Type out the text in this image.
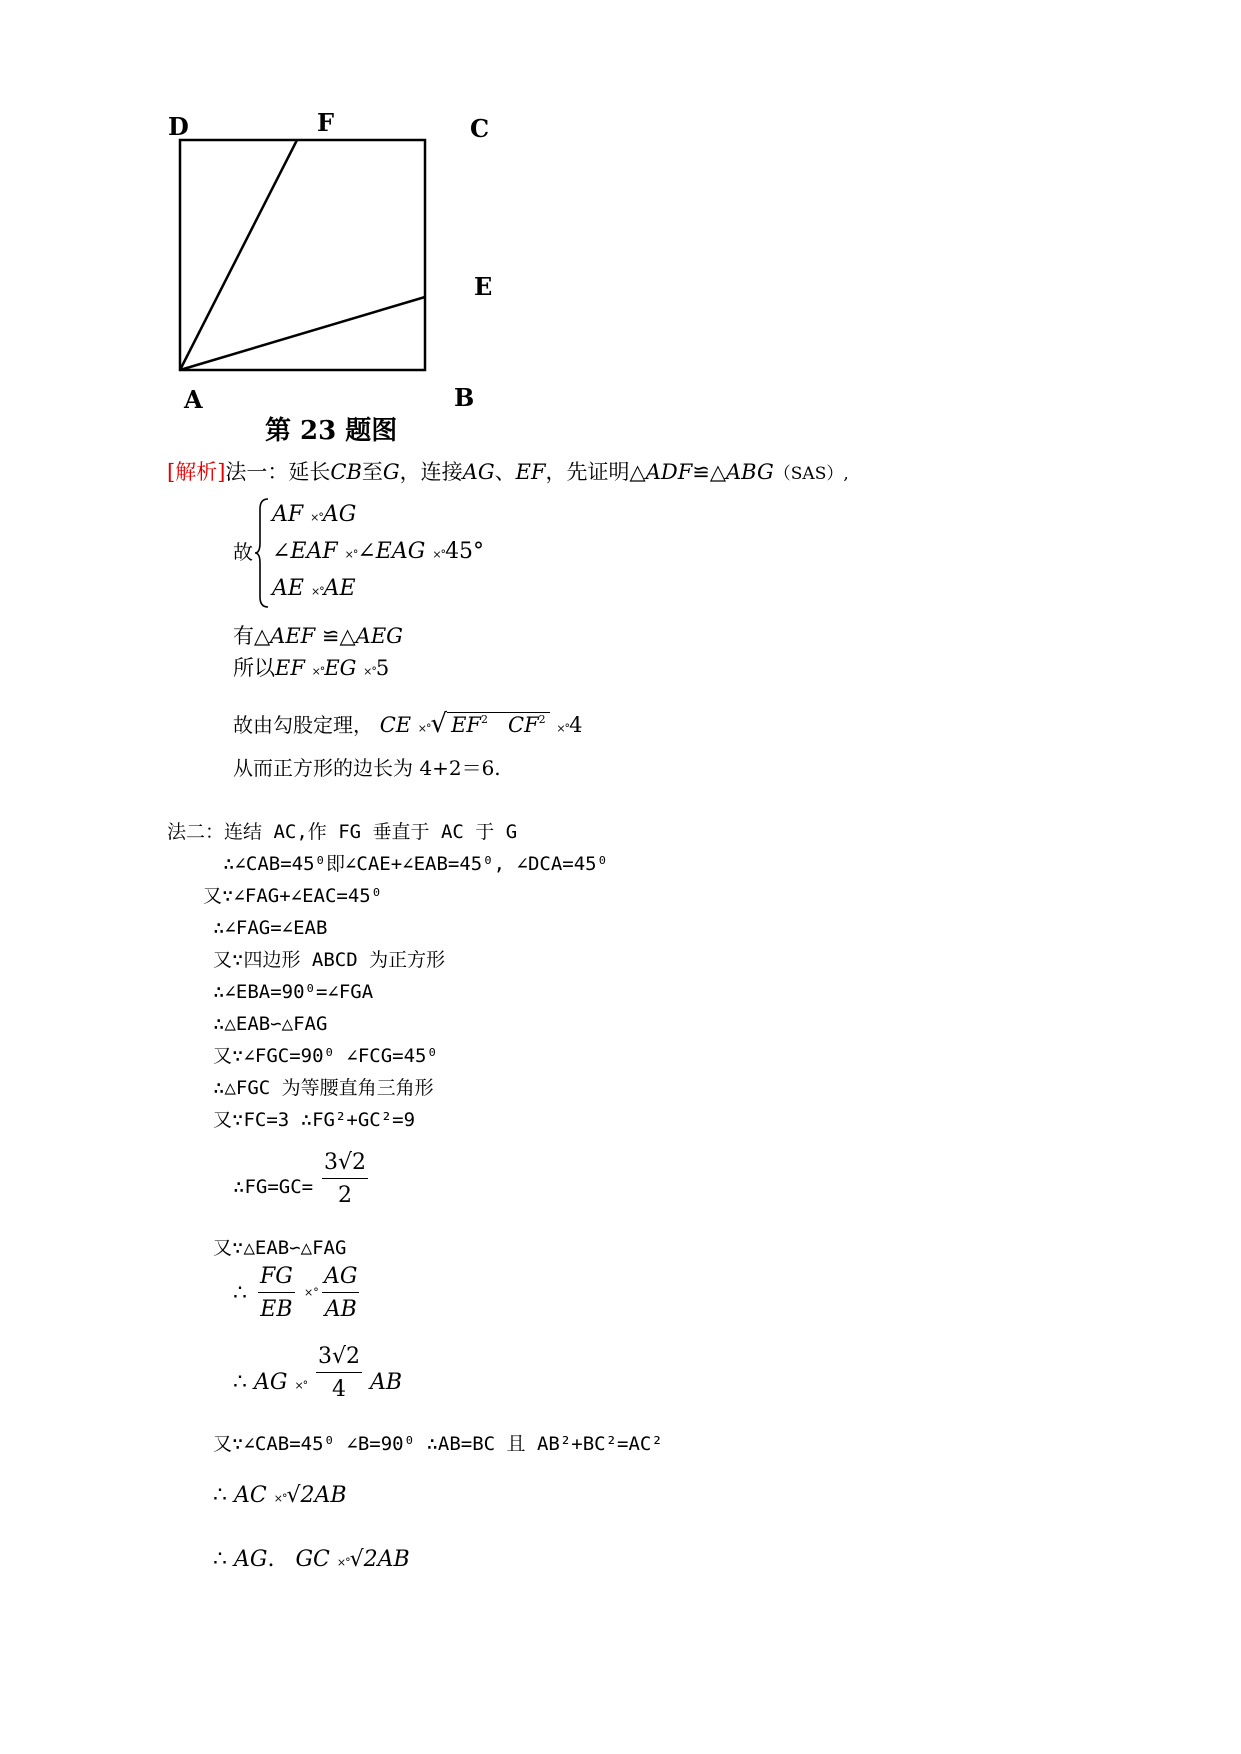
D	F	C
E
A	B
第 23 题图
[解析]法一：延长CB至G，连接AG、EF，先证明△ADF≌△ABG（SAS）,
故
AF ×°AG
∠EAF ×°∠EAG ×°45°
AE ×°AE
有△AEF ≌△AEG
所以EF ×°EG ×°5
故由勾股定理， CE ×°√ $EF^2$ $CF^2 \times^\circ 4$
从而正方形的边长为 4+2＝6.
法二：连结 AC,作 FG 垂直于 AC 于 G
∴∠CAB=45⁰即∠CAE+∠EAB=45⁰, ∠DCA=45⁰
又∵∠FAG+∠EAC=45⁰
∴∠FAG=∠EAB
又∵四边形 ABCD 为正方形
∴∠EBA=90⁰=∠FGA
∴△EAB∽△FAG
又∵∠FGC=90⁰ ∠FCG=45⁰
∴△FGC 为等腰直角三角形
又∵FC=3 ∴FG²+GC²=9
∴FG=GC= $\frac{3√2}{2}$
又∵△EAB∽△FAG
∴ $\frac{FG}{EB}$ ×° $\frac{AG}{AB}$
∴ AG ×° $\frac{3√2}{4}$ AB
又∵∠CAB=45⁰ ∠B=90⁰ ∴AB=BC 且 AB²+BC²=AC²
∴ AC ×°√2AB
∴ AG. GC ×°√2AB
